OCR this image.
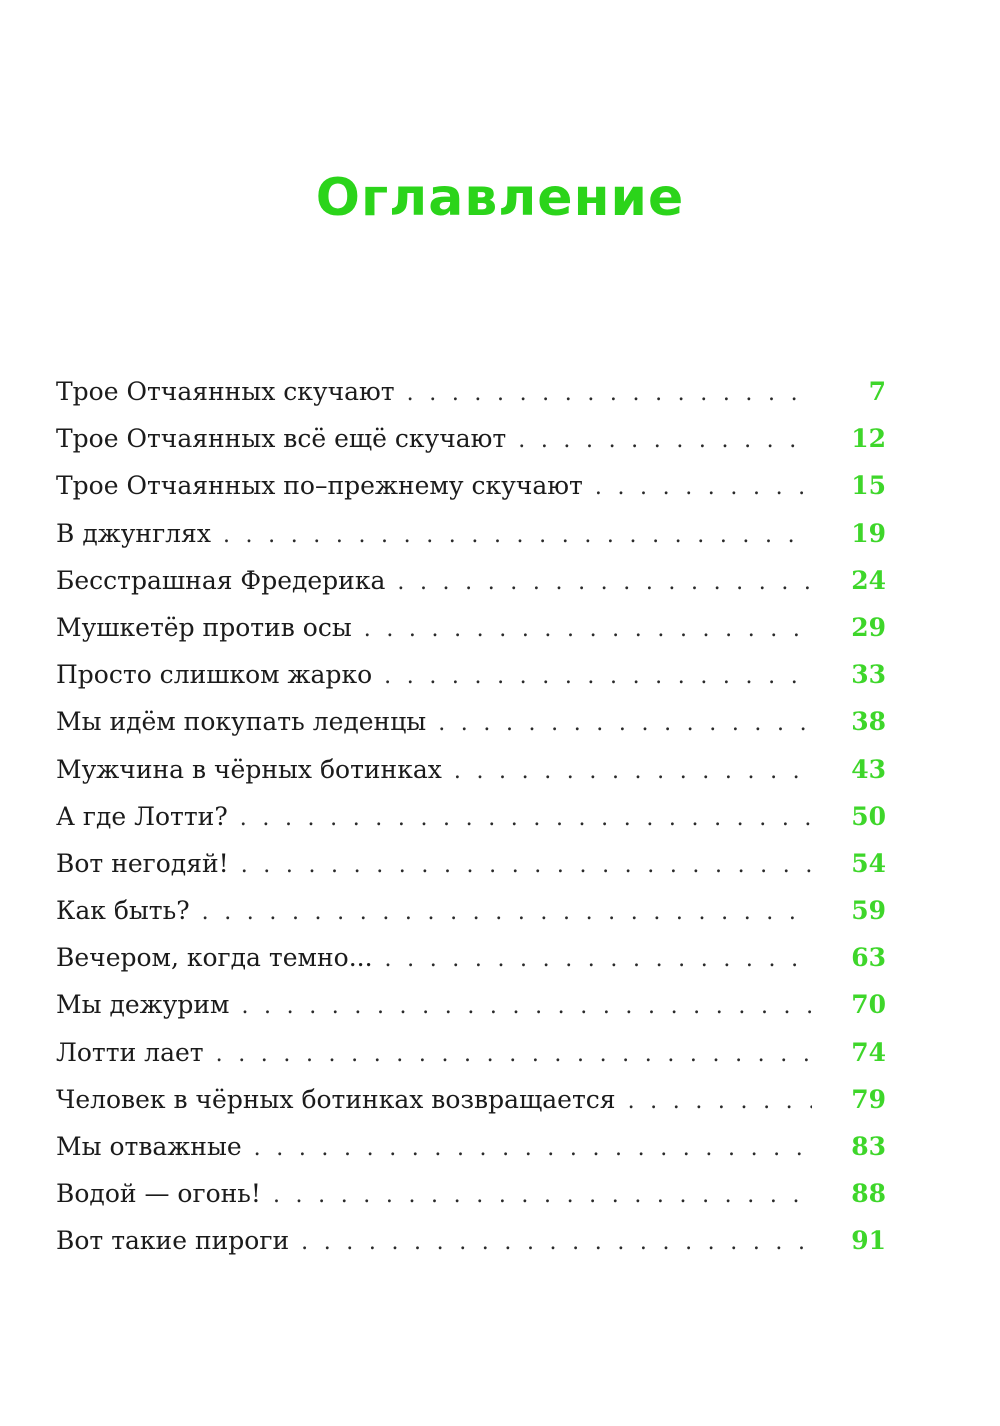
Оглавление
Трое Отчаянных скучают . . .	7
Трое Отчаянных всё ещё скучают . . .	12
Трое Отчаянных по–прежнему скучают . . .	15
В джунглях . . .	19
Бесстрашная Фредерика . . .	24
Мушкетёр против осы . . .	29
Просто слишком жарко . . .	33
Мы идём покупать леденцы . . .	38
Мужчина в чёрных ботинках . . .	43
А где Лотти? . . .	50
Вот негодяй! . . .	54
Как быть? . . .	59
Вечером, когда темно... . . .	63
Мы дежурим . . .	70
Лотти лает . . .	74
Человек в чёрных ботинках возвращается . . .	79
Мы отважные . . .	83
Водой — огонь! . . .	88
Вот такие пироги . . .	91
